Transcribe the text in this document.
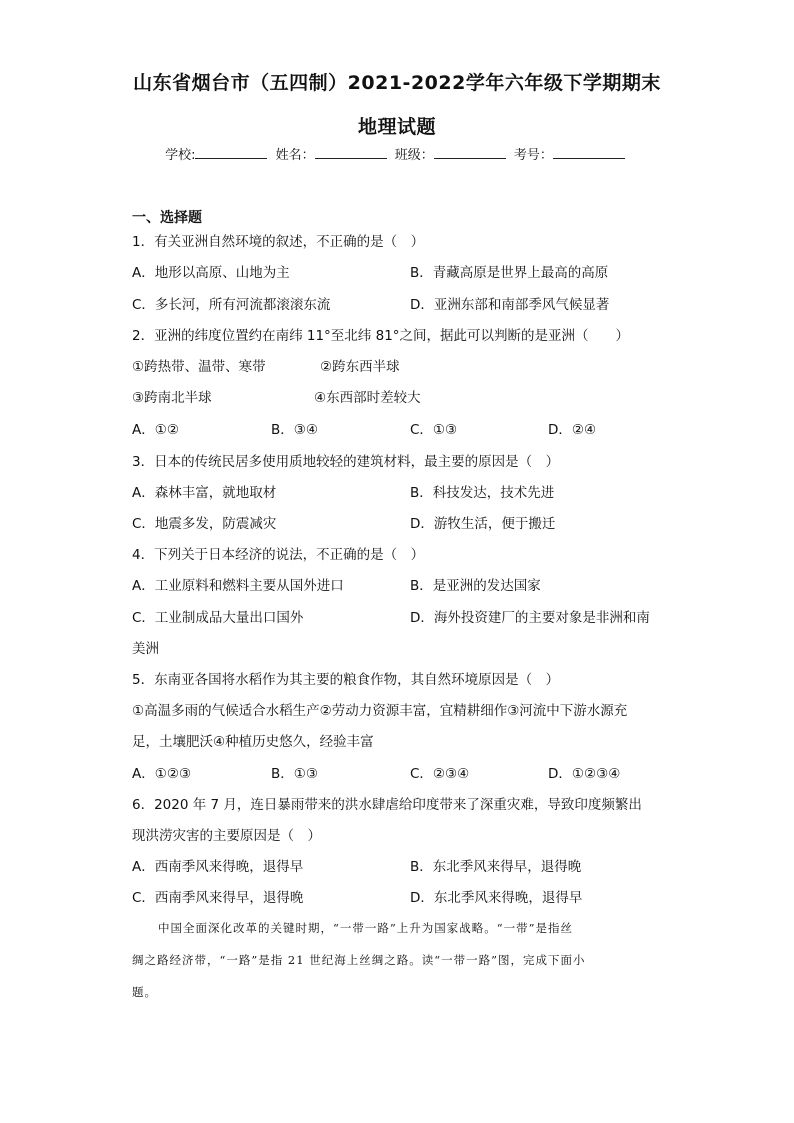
山东省烟台市（五四制）2021-2022学年六年级下学期期末
地理试题
学校:	姓名：	班级：	考号：
一、选择题
1．有关亚洲自然环境的叙述，不正确的是（　）
A．地形以高原、山地为主	B．青藏高原是世界上最高的高原
C．多长河，所有河流都滚滚东流	D．亚洲东部和南部季风气候显著
2．亚洲的纬度位置约在南纬 11°至北纬 81°之间，据此可以判断的是亚洲（　　）
①跨热带、温带、寒带	②跨东西半球
③跨南北半球	④东西部时差较大
A．①②	B．③④	C．①③	D．②④
3．日本的传统民居多使用质地较轻的建筑材料，最主要的原因是（　）
A．森林丰富，就地取材	B．科技发达，技术先进
C．地震多发，防震减灾	D．游牧生活，便于搬迁
4．下列关于日本经济的说法，不正确的是（　）
A．工业原料和燃料主要从国外进口	B．是亚洲的发达国家
C．工业制成品大量出口国外	D．海外投资建厂的主要对象是非洲和南
美洲
5．东南亚各国将水稻作为其主要的粮食作物，其自然环境原因是（　）
①高温多雨的气候适合水稻生产②劳动力资源丰富，宜精耕细作③河流中下游水源充
足，土壤肥沃④种植历史悠久，经验丰富
A．①②③	B．①③	C．②③④	D．①②③④
6．2020 年 7 月，连日暴雨带来的洪水肆虐给印度带来了深重灾难，导致印度频繁出
现洪涝灾害的主要原因是（　）
A．西南季风来得晚，退得早	B．东北季风来得早，退得晚
C．西南季风来得早，退得晚	D．东北季风来得晚，退得早
中国全面深化改革的关键时期，“一带一路”上升为国家战略。“一带”是指丝
绸之路经济带，“一路”是指 21 世纪海上丝绸之路。读“一带一路”图，完成下面小
题。
